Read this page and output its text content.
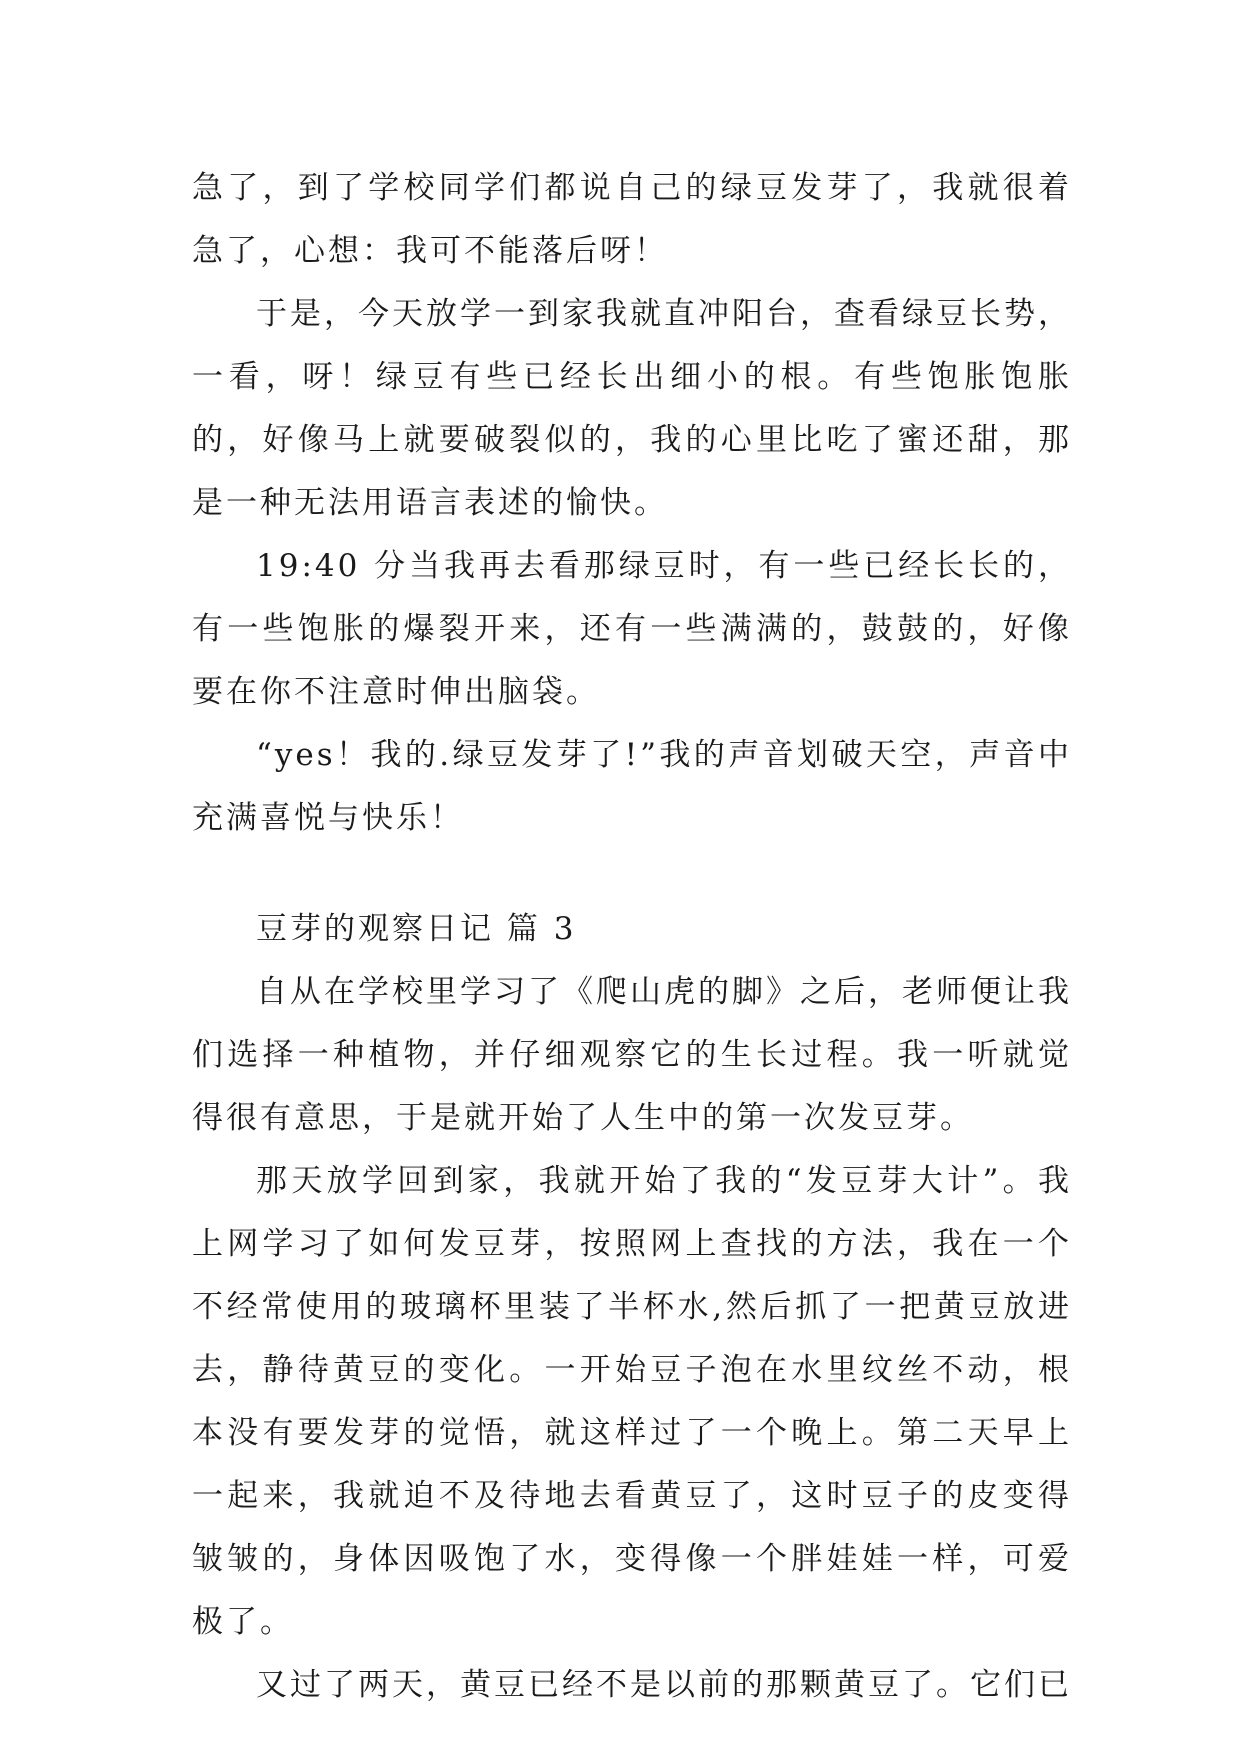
急了，到了学校同学们都说自己的绿豆发芽了，我就很着急了，心想：我可不能落后呀！

于是，今天放学一到家我就直冲阳台，查看绿豆长势，一看，呀！绿豆有些已经长出细小的根。有些饱胀饱胀的，好像马上就要破裂似的，我的心里比吃了蜜还甜，那是一种无法用语言表述的愉快。

19:40 分当我再去看那绿豆时，有一些已经长长的，有一些饱胀的爆裂开来，还有一些满满的，鼓鼓的，好像要在你不注意时伸出脑袋。

“yes！我的.绿豆发芽了!”我的声音划破天空，声音中充满喜悦与快乐！

豆芽的观察日记 篇 3

自从在学校里学习了《爬山虎的脚》之后，老师便让我们选择一种植物，并仔细观察它的生长过程。我一听就觉得很有意思，于是就开始了人生中的第一次发豆芽。

那天放学回到家，我就开始了我的“发豆芽大计”。我上网学习了如何发豆芽，按照网上查找的方法，我在一个不经常使用的玻璃杯里装了半杯水,然后抓了一把黄豆放进去，静待黄豆的变化。一开始豆子泡在水里纹丝不动，根本没有要发芽的觉悟，就这样过了一个晚上。第二天早上一起来，我就迫不及待地去看黄豆了，这时豆子的皮变得皱皱的，身体因吸饱了水，变得像一个胖娃娃一样，可爱极了。

又过了两天，黄豆已经不是以前的那颗黄豆了。它们已
